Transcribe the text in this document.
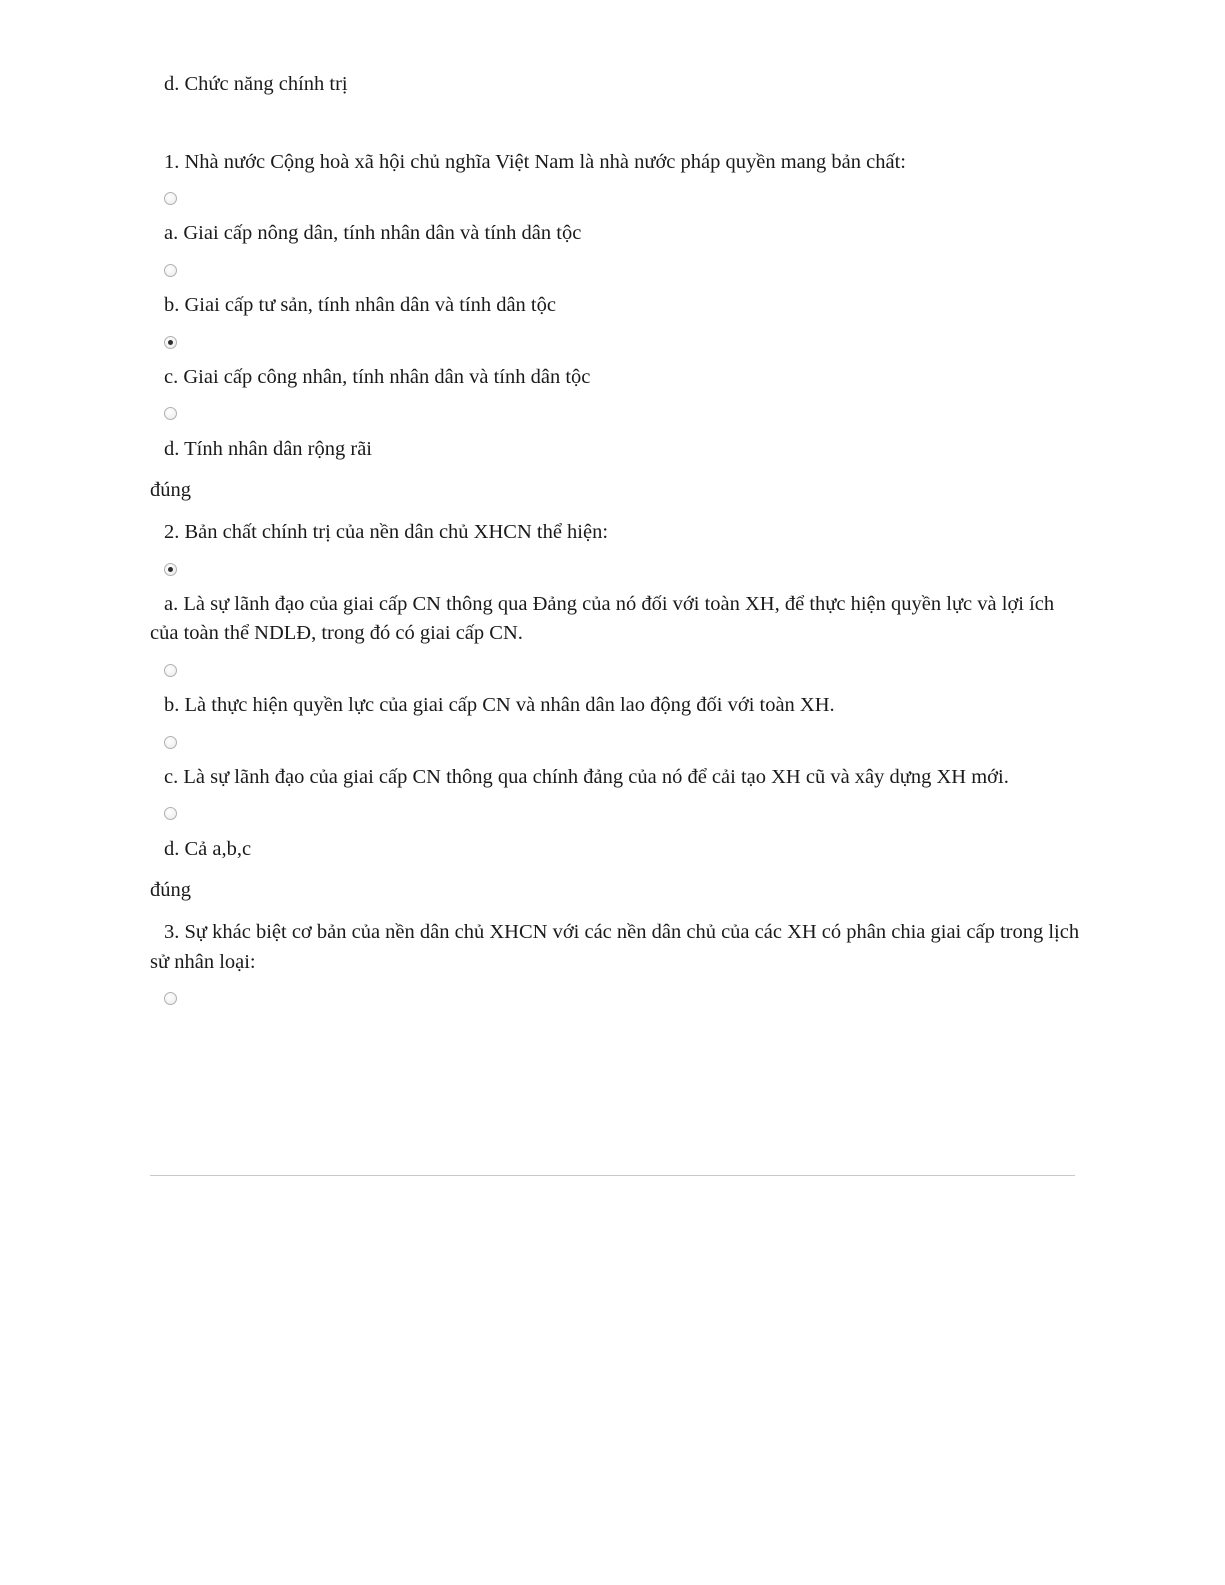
d. Chức năng chính trị
1. Nhà nước Cộng hoà xã hội chủ nghĩa Việt Nam là nhà nước pháp quyền mang bản chất:
a. Giai cấp nông dân, tính nhân dân và tính dân tộc
b. Giai cấp tư sản, tính nhân dân và tính dân tộc
c. Giai cấp công nhân, tính nhân dân và tính dân tộc
d. Tính nhân dân rộng rãi
đúng
2. Bản chất chính trị của nền dân chủ XHCN thể hiện:
a. Là sự lãnh đạo của giai cấp CN thông qua Đảng của nó đối với toàn XH, để thực hiện quyền lực và lợi ích của toàn thể NDLĐ, trong đó có giai cấp CN.
b. Là thực hiện quyền lực của giai cấp CN và nhân dân lao động đối với toàn XH.
c. Là sự lãnh đạo của giai cấp CN thông qua chính đảng của nó để cải tạo XH cũ và xây dựng XH mới.
d. Cả a,b,c
đúng
3. Sự khác biệt cơ bản của nền dân chủ XHCN với các nền dân chủ của các XH có phân chia giai cấp trong lịch sử nhân loại:
